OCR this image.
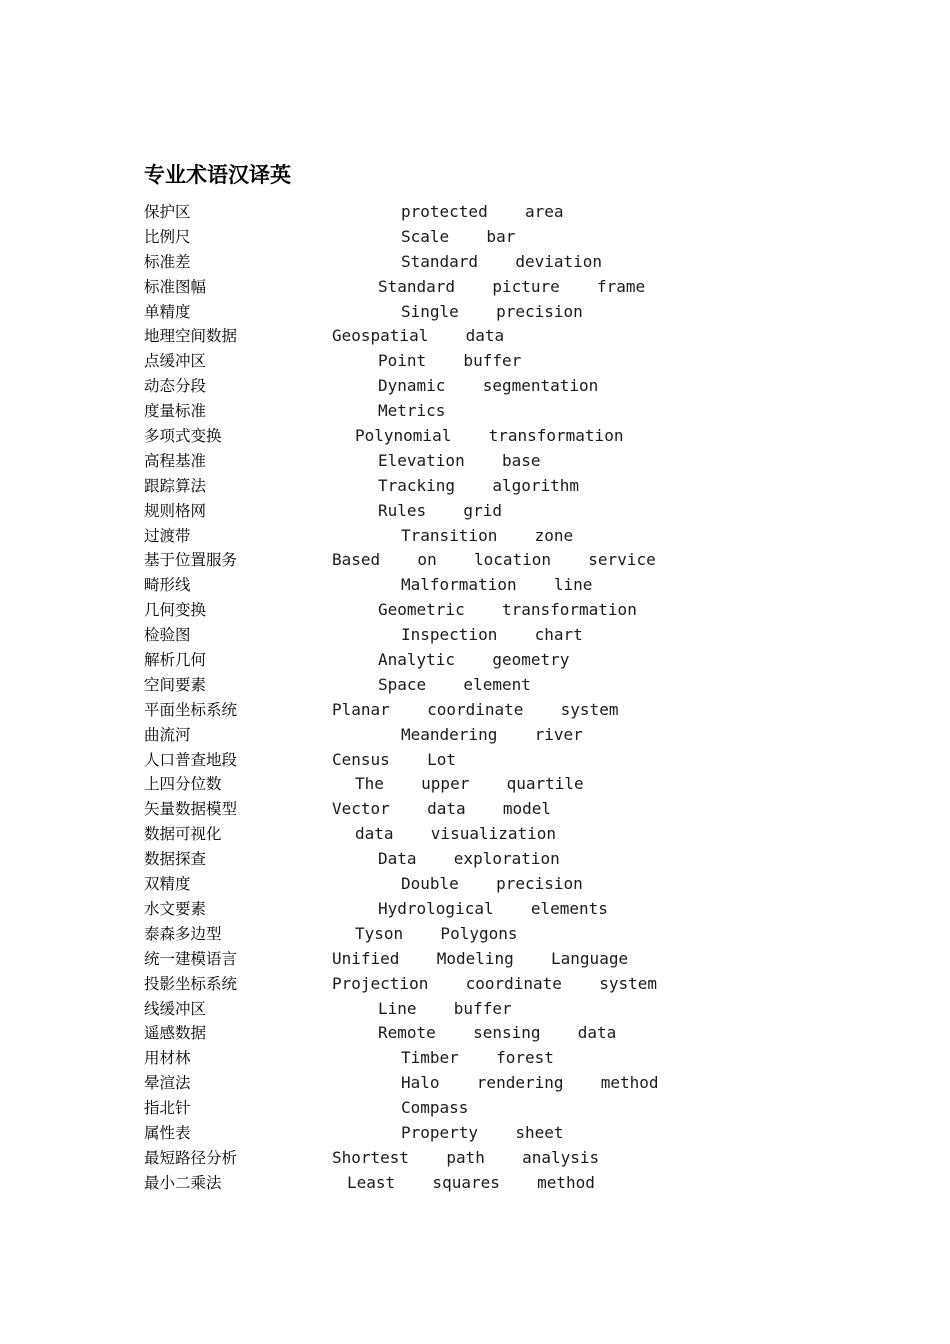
专业术语汉译英
保护区	protected  area
比例尺	Scale  bar
标准差	Standard  deviation
标准图幅	Standard  picture  frame
单精度	Single  precision
地理空间数据	Geospatial  data
点缓冲区	Point  buffer
动态分段	Dynamic  segmentation
度量标准	Metrics
多项式变换	Polynomial  transformation
高程基准	Elevation  base
跟踪算法	Tracking  algorithm
规则格网	Rules  grid
过渡带	Transition  zone
基于位置服务	Based  on  location  service
畸形线	Malformation  line
几何变换	Geometric  transformation
检验图	Inspection  chart
解析几何	Analytic  geometry
空间要素	Space  element
平面坐标系统	Planar  coordinate  system
曲流河	Meandering  river
人口普查地段	Census  Lot
上四分位数	The  upper  quartile
矢量数据模型	Vector  data  model
数据可视化	data  visualization
数据探查	Data  exploration
双精度	Double  precision
水文要素	Hydrological  elements
泰森多边型	Tyson  Polygons
统一建模语言	Unified  Modeling  Language
投影坐标系统	Projection  coordinate  system
线缓冲区	Line  buffer
遥感数据	Remote  sensing  data
用材林	Timber  forest
晕渲法	Halo  rendering  method
指北针	Compass
属性表	Property  sheet
最短路径分析	Shortest  path  analysis
最小二乘法	Least  squares  method
